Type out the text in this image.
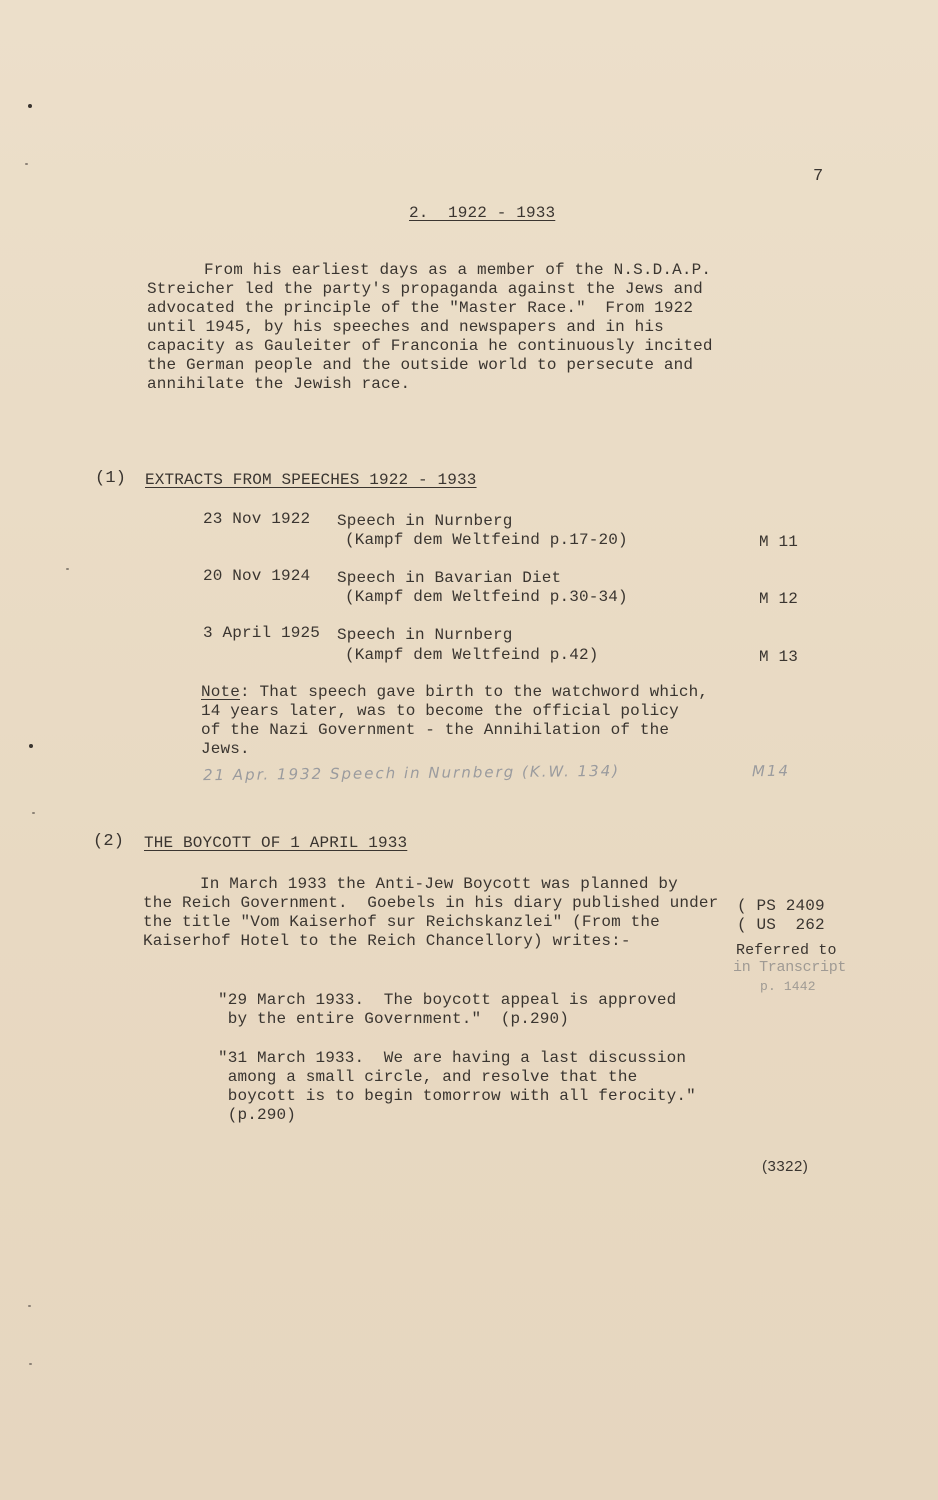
7
2.  1922 - 1933
From his earliest days as a member of the N.S.D.A.P.
Streicher led the party's propaganda against the Jews and
advocated the principle of the "Master Race."  From 1922
until 1945, by his speeches and newspapers and in his
capacity as Gauleiter of Franconia he continuously incited
the German people and the outside world to persecute and
annihilate the Jewish race.
(1) EXTRACTS FROM SPEECHES 1922 - 1933
23 Nov 1922 Speech in Nurnberg
(Kampf dem Weltfeind p.17-20)	M 11
20 Nov 1924 Speech in Bavarian Diet
(Kampf dem Weltfeind p.30-34)	M 12
3 April 1925 Speech in Nurnberg
(Kampf dem Weltfeind p.42)	M 13
Note: That speech gave birth to the watchword which,
14 years later, was to become the official policy
of the Nazi Government - the Annihilation of the
Jews.
21 Apr. 1932 Speech in Nurnberg (K.W. 134)	M14
(2) THE BOYCOTT OF 1 APRIL 1933
In March 1933 the Anti-Jew Boycott was planned by
the Reich Government.  Goebels in his diary published under
the title "Vom Kaiserhof sur Reichskanzlei" (From the
Kaiserhof Hotel to the Reich Chancellory) writes:-
( PS 2409
( US  262
Referred to
in Transcript
p. 1442
"29 March 1933.  The boycott appeal is approved
by the entire Government."  (p.290)
"31 March 1933.  We are having a last discussion
among a small circle, and resolve that the
boycott is to begin tomorrow with all ferocity."
(p.290)
(3322)
